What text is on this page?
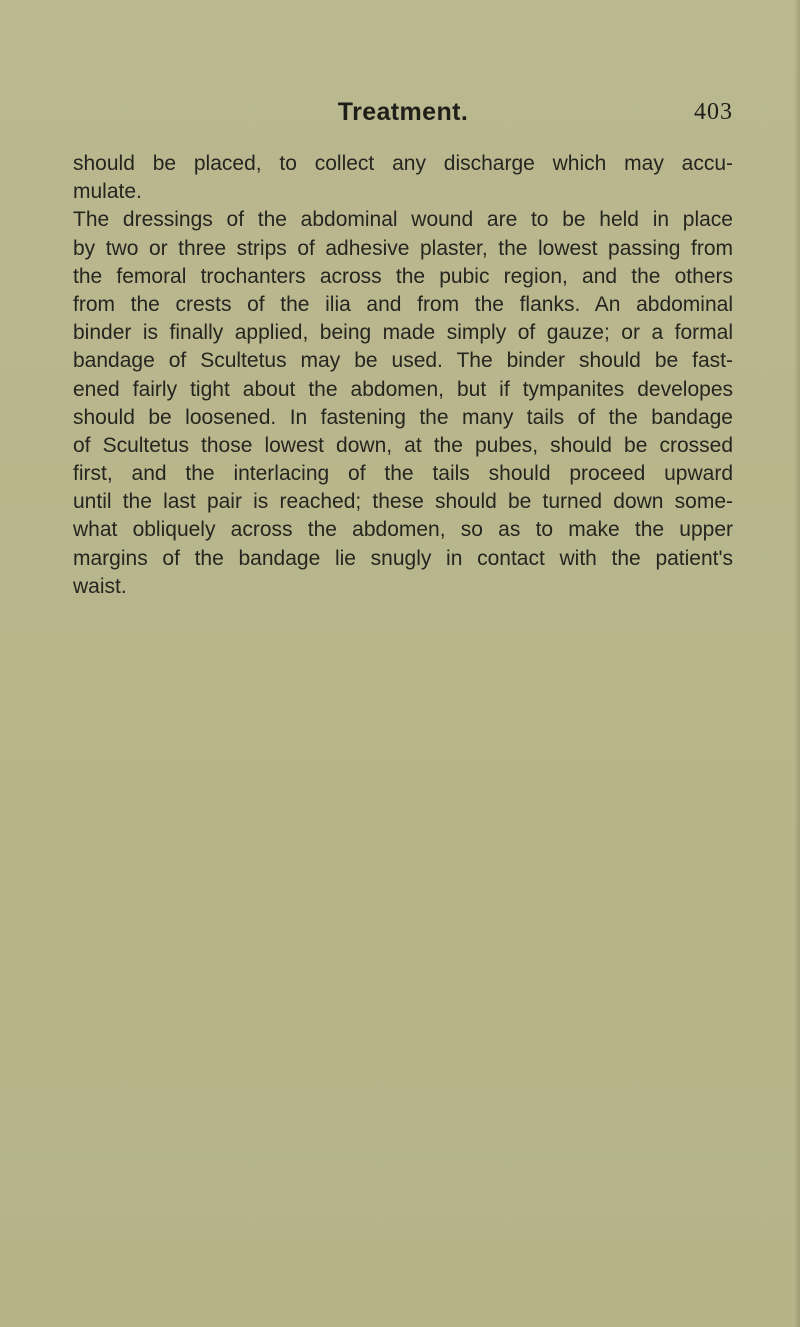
Treatment.	403
should be placed, to collect any discharge which may accu-
mulate.
The dressings of the abdominal wound are to be held in place
by two or three strips of adhesive plaster, the lowest passing from
the femoral trochanters across the pubic region, and the others
from the crests of the ilia and from the flanks. An abdominal
binder is finally applied, being made simply of gauze; or a formal
bandage of Scultetus may be used. The binder should be fast-
ened fairly tight about the abdomen, but if tympanites developes
should be loosened. In fastening the many tails of the bandage
of Scultetus those lowest down, at the pubes, should be crossed
first, and the interlacing of the tails should proceed upward
until the last pair is reached; these should be turned down some-
what obliquely across the abdomen, so as to make the upper
margins of the bandage lie snugly in contact with the patient's
waist.
